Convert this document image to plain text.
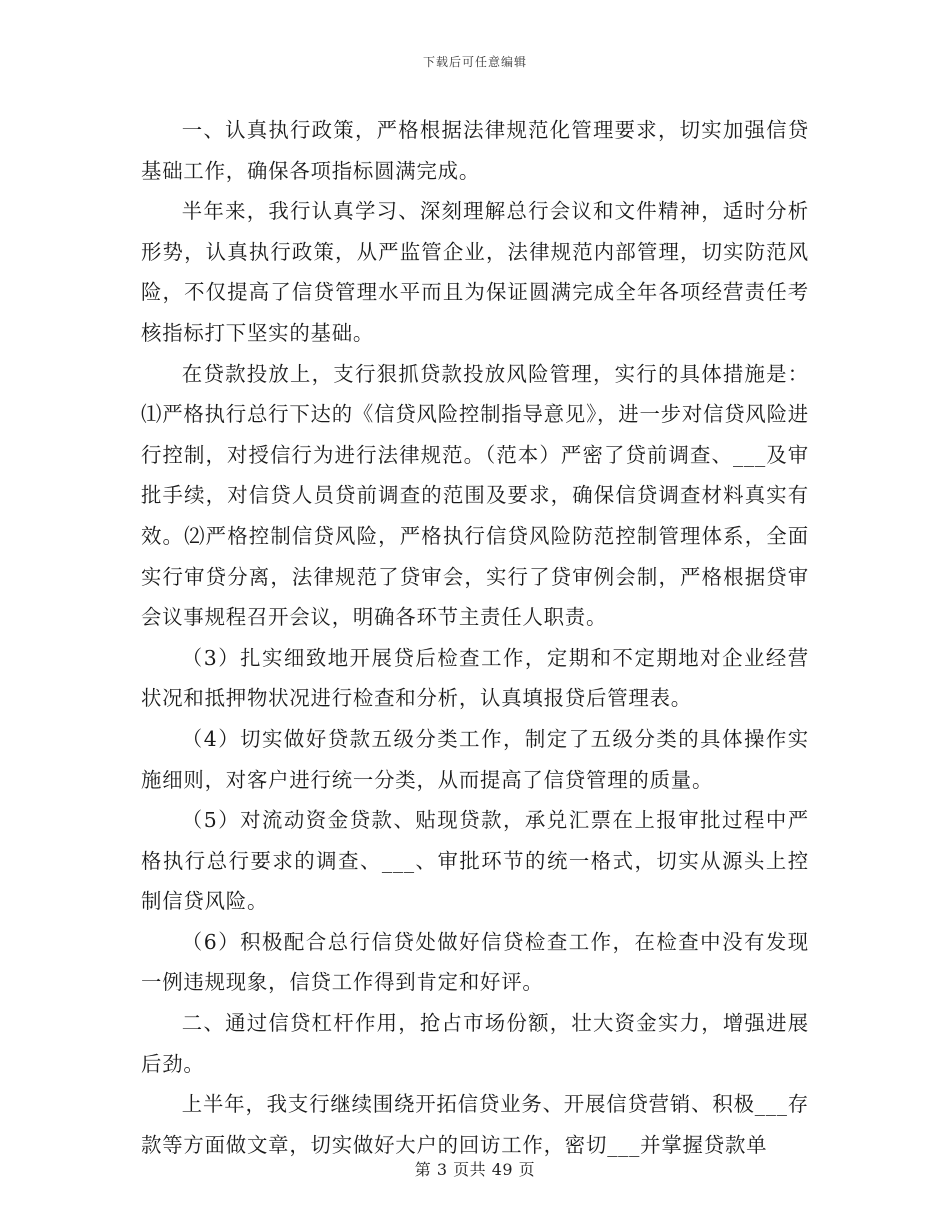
下载后可任意编辑

一、认真执行政策，严格根据法律规范化管理要求，切实加强信贷基础工作，确保各项指标圆满完成。

半年来，我行认真学习、深刻理解总行会议和文件精神，适时分析形势，认真执行政策，从严监管企业，法律规范内部管理，切实防范风险，不仅提高了信贷管理水平而且为保证圆满完成全年各项经营责任考核指标打下坚实的基础。

在贷款投放上，支行狠抓贷款投放风险管理，实行的具体措施是：⑴严格执行总行下达的《信贷风险控制指导意见》，进一步对信贷风险进行控制，对授信行为进行法律规范。（范本）严密了贷前调查、___及审批手续，对信贷人员贷前调查的范围及要求，确保信贷调查材料真实有效。⑵严格控制信贷风险，严格执行信贷风险防范控制管理体系，全面实行审贷分离，法律规范了贷审会，实行了贷审例会制，严格根据贷审会议事规程召开会议，明确各环节主责任人职责。

（3）扎实细致地开展贷后检查工作，定期和不定期地对企业经营状况和抵押物状况进行检查和分析，认真填报贷后管理表。

（4）切实做好贷款五级分类工作，制定了五级分类的具体操作实施细则，对客户进行统一分类，从而提高了信贷管理的质量。

（5）对流动资金贷款、贴现贷款，承兑汇票在上报审批过程中严格执行总行要求的调查、___、审批环节的统一格式，切实从源头上控制信贷风险。

（6）积极配合总行信贷处做好信贷检查工作，在检查中没有发现一例违规现象，信贷工作得到肯定和好评。

二、通过信贷杠杆作用，抢占市场份额，壮大资金实力，增强进展后劲。

上半年，我支行继续围绕开拓信贷业务、开展信贷营销、积极___存款等方面做文章，切实做好大户的回访工作，密切___并掌握贷款单

第 3 页共 49 页
